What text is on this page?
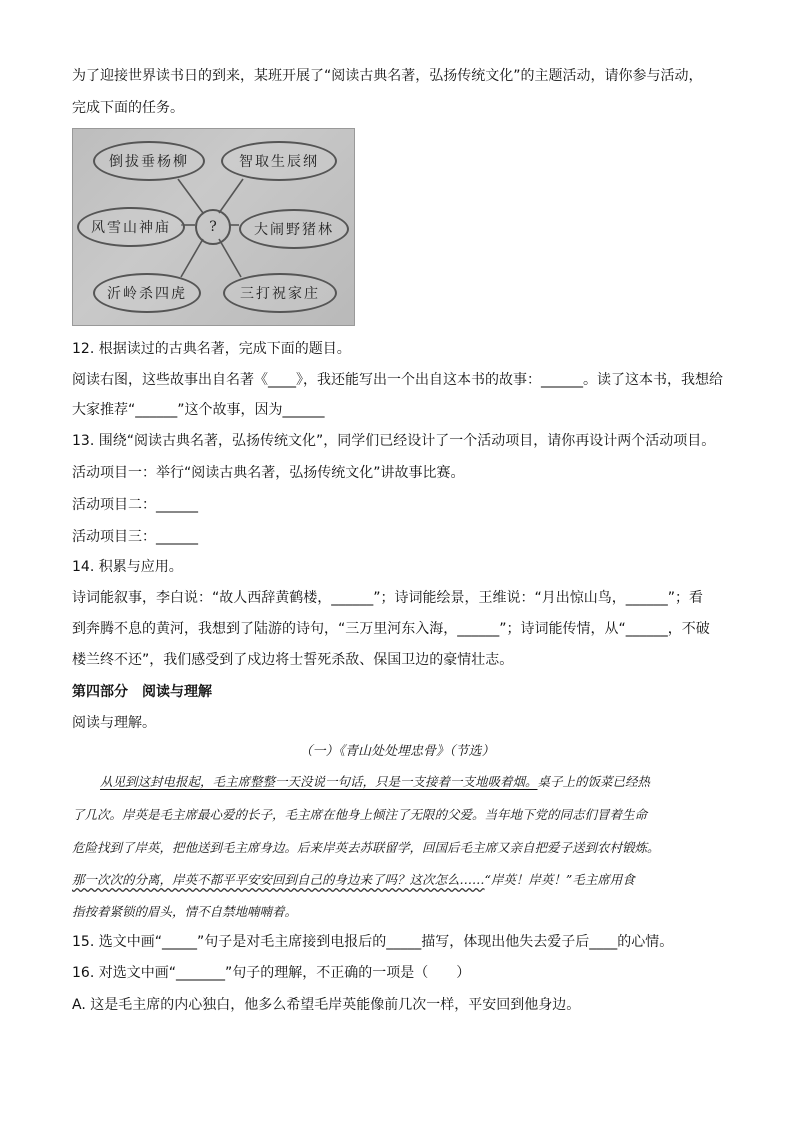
为了迎接世界读书日的到来，某班开展了“阅读古典名著，弘扬传统文化”的主题活动，请你参与活动，
完成下面的任务。
倒拔垂杨柳	智取生辰纲
风雪山神庙	大闹野猪林
沂岭杀四虎	三打祝家庄
?
12. 根据读过的古典名著，完成下面的题目。
阅读右图，这些故事出自名著《____》，我还能写出一个出自这本书的故事：______。读了这本书，我想给
大家推荐“______”这个故事，因为______
13. 围绕“阅读古典名著，弘扬传统文化”，同学们已经设计了一个活动项目，请你再设计两个活动项目。
活动项目一：举行“阅读古典名著，弘扬传统文化”讲故事比赛。
活动项目二：______
活动项目三：______
14. 积累与应用。
诗词能叙事，李白说：“故人西辞黄鹤楼，______”；诗词能绘景，王维说：“月出惊山鸟，______”；看
到奔腾不息的黄河，我想到了陆游的诗句，“三万里河东入海，______”；诗词能传情，从“______，不破
楼兰终不还”，我们感受到了戍边将士誓死杀敌、保国卫边的豪情壮志。
第四部分　阅读与理解
阅读与理解。
（一）《青山处处埋忠骨》（节选）
从见到这封电报起，毛主席整整一天没说一句话，只是一支接着一支地吸着烟。桌子上的饭菜已经热
了几次。岸英是毛主席最心爱的长子，毛主席在他身上倾注了无限的父爱。当年地下党的同志们冒着生命
危险找到了岸英，把他送到毛主席身边。后来岸英去苏联留学，回国后毛主席又亲自把爱子送到农村锻炼。
那一次次的分离，岸英不都平平安安回到自己的身边来了吗？这次怎么……“岸英！岸英！”毛主席用食
指按着紧锁的眉头，情不自禁地喃喃着。
15. 选文中画“_____”句子是对毛主席接到电报后的_____描写，体现出他失去爱子后____的心情。
16. 对选文中画“_______”句子的理解，不正确的一项是（　　）
A. 这是毛主席的内心独白，他多么希望毛岸英能像前几次一样，平安回到他身边。
